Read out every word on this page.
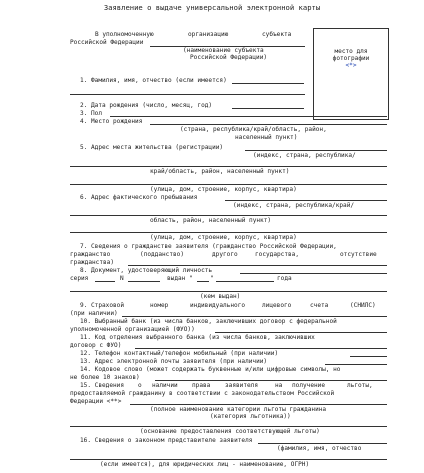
Заявление о выдаче универсальной электронной карты
В уполномоченную	организацию	субъекта
Российской Федерации
(наименование субъекта
Российской Федерации)
место для
фотографии
<*>
1. Фамилия, имя, отчество (если имеется)
2. Дата рождения (число, месяц, год)
3. Пол
4. Место рождения
(страна, республика/край/область, район,
населенный пункт)
5. Адрес места жительства (регистрации)
(индекс, страна, республика/
край/область, район, населенный пункт)
(улица, дом, строение, корпус, квартира)
6. Адрес фактического пребывания
(индекс, страна, республика/край/
область, район, населенный пункт)
(улица, дом, строение, корпус, квартира)
7. Сведения о гражданстве заявителя (гражданство Российской Федерации,
гражданство	(подданство)	другого	государства,	отсутствие
гражданства)
8. Документ, удостоверяющий личность
серия	N	выдан "	"	года
(кем выдан)
9. Страховой	номер	индивидуального	лицевого	счета	(СНИЛС)
(при наличии)
10. Выбранный банк (из числа банков, заключивших договор с федеральной
уполномоченной организацией (ФУО))
11. Код отделения выбранного банка (из числа банков, заключивших
договор с ФУО)
12. Телефон контактный/телефон мобильный (при наличии)
13. Адрес электронной почты заявителя (при наличии)
14. Кодовое слово (может содержать буквенные и/или цифровые символы, но
не более 10 знаков)
15. Сведения о наличии права заявителя	на получение	льготы,
предоставляемой гражданину в соответствии с законодательством Российской
Федерации <**>
(полное наименование категории льготы гражданина
(категория льготника))
(основание предоставления соответствующей льготы)
16. Сведения о законном представителе заявителя
(фамилия, имя, отчество
(если имеется), для юридических лиц - наименование, ОГРН)
